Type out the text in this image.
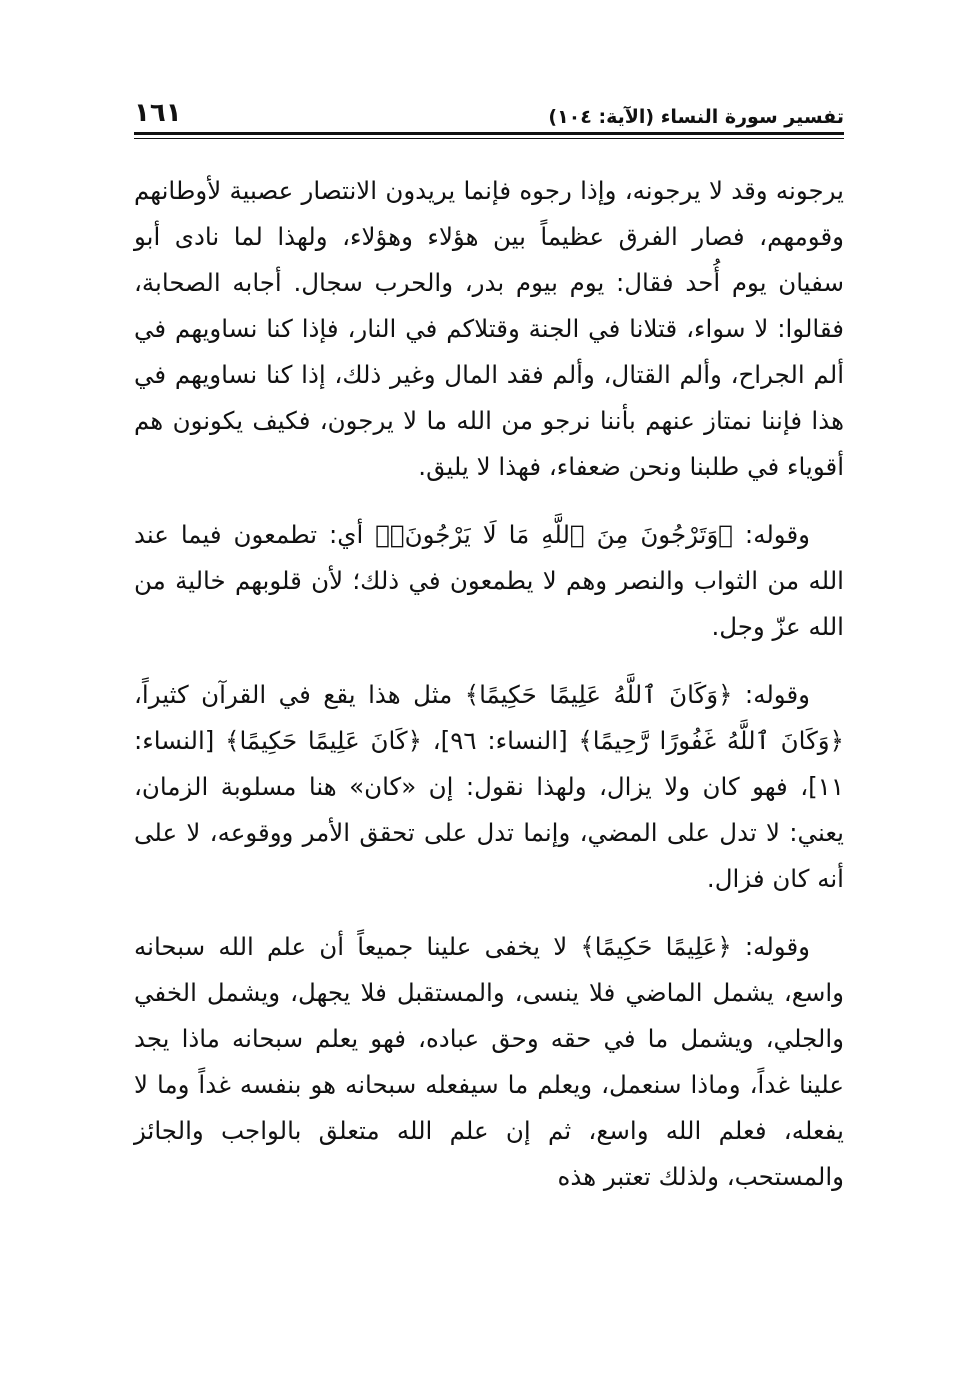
تفسير سورة النساء (الآية: ١٠٤)
١٦١

يرجونه وقد لا يرجونه، وإذا رجوه فإنما يريدون الانتصار عصبية لأوطانهم وقومهم، فصار الفرق عظيماً بين هؤلاء وهؤلاء، ولهذا لما نادى أبو سفيان يوم أُحد فقال: يوم بيوم بدر، والحرب سجال. أجابه الصحابة، فقالوا: لا سواء، قتلانا في الجنة وقتلاكم في النار، فإذا كنا نساويهم في ألم الجراح، وألم القتال، وألم فقد المال وغير ذلك، إذا كنا نساويهم في هذا فإننا نمتاز عنهم بأننا نرجو من الله ما لا يرجون، فكيف يكونون هم أقوياء في طلبنا ونحن ضعفاء، فهذا لا يليق.

وقوله: ﴿وَتَرْجُونَ مِنَ ٱللَّهِ مَا لَا يَرْجُونَۗ﴾ أي: تطمعون فيما عند الله من الثواب والنصر وهم لا يطمعون في ذلك؛ لأن قلوبهم خالية من الله عزّ وجل.

وقوله: ﴿وَكَانَ ٱللَّهُ عَلِيمًا حَكِيمًا﴾ مثل هذا يقع في القرآن كثيراً، ﴿وَكَانَ ٱللَّهُ غَفُورًا رَّحِيمًا﴾ [النساء: ٩٦]، ﴿كَانَ عَلِيمًا حَكِيمًا﴾ [النساء: ١١]، فهو كان ولا يزال، ولهذا نقول: إن «كان» هنا مسلوبة الزمان، يعني: لا تدل على المضي، وإنما تدل على تحقق الأمر ووقوعه، لا على أنه كان فزال.

وقوله: ﴿عَلِيمًا حَكِيمًا﴾ لا يخفى علينا جميعاً أن علم الله سبحانه واسع، يشمل الماضي فلا ينسى، والمستقبل فلا يجهل، ويشمل الخفي والجلي، ويشمل ما في حقه وحق عباده، فهو يعلم سبحانه ماذا يجد علينا غداً، وماذا سنعمل، ويعلم ما سيفعله سبحانه هو بنفسه غداً وما لا يفعله، فعلم الله واسع، ثم إن علم الله متعلق بالواجب والجائز والمستحب، ولذلك تعتبر هذه
